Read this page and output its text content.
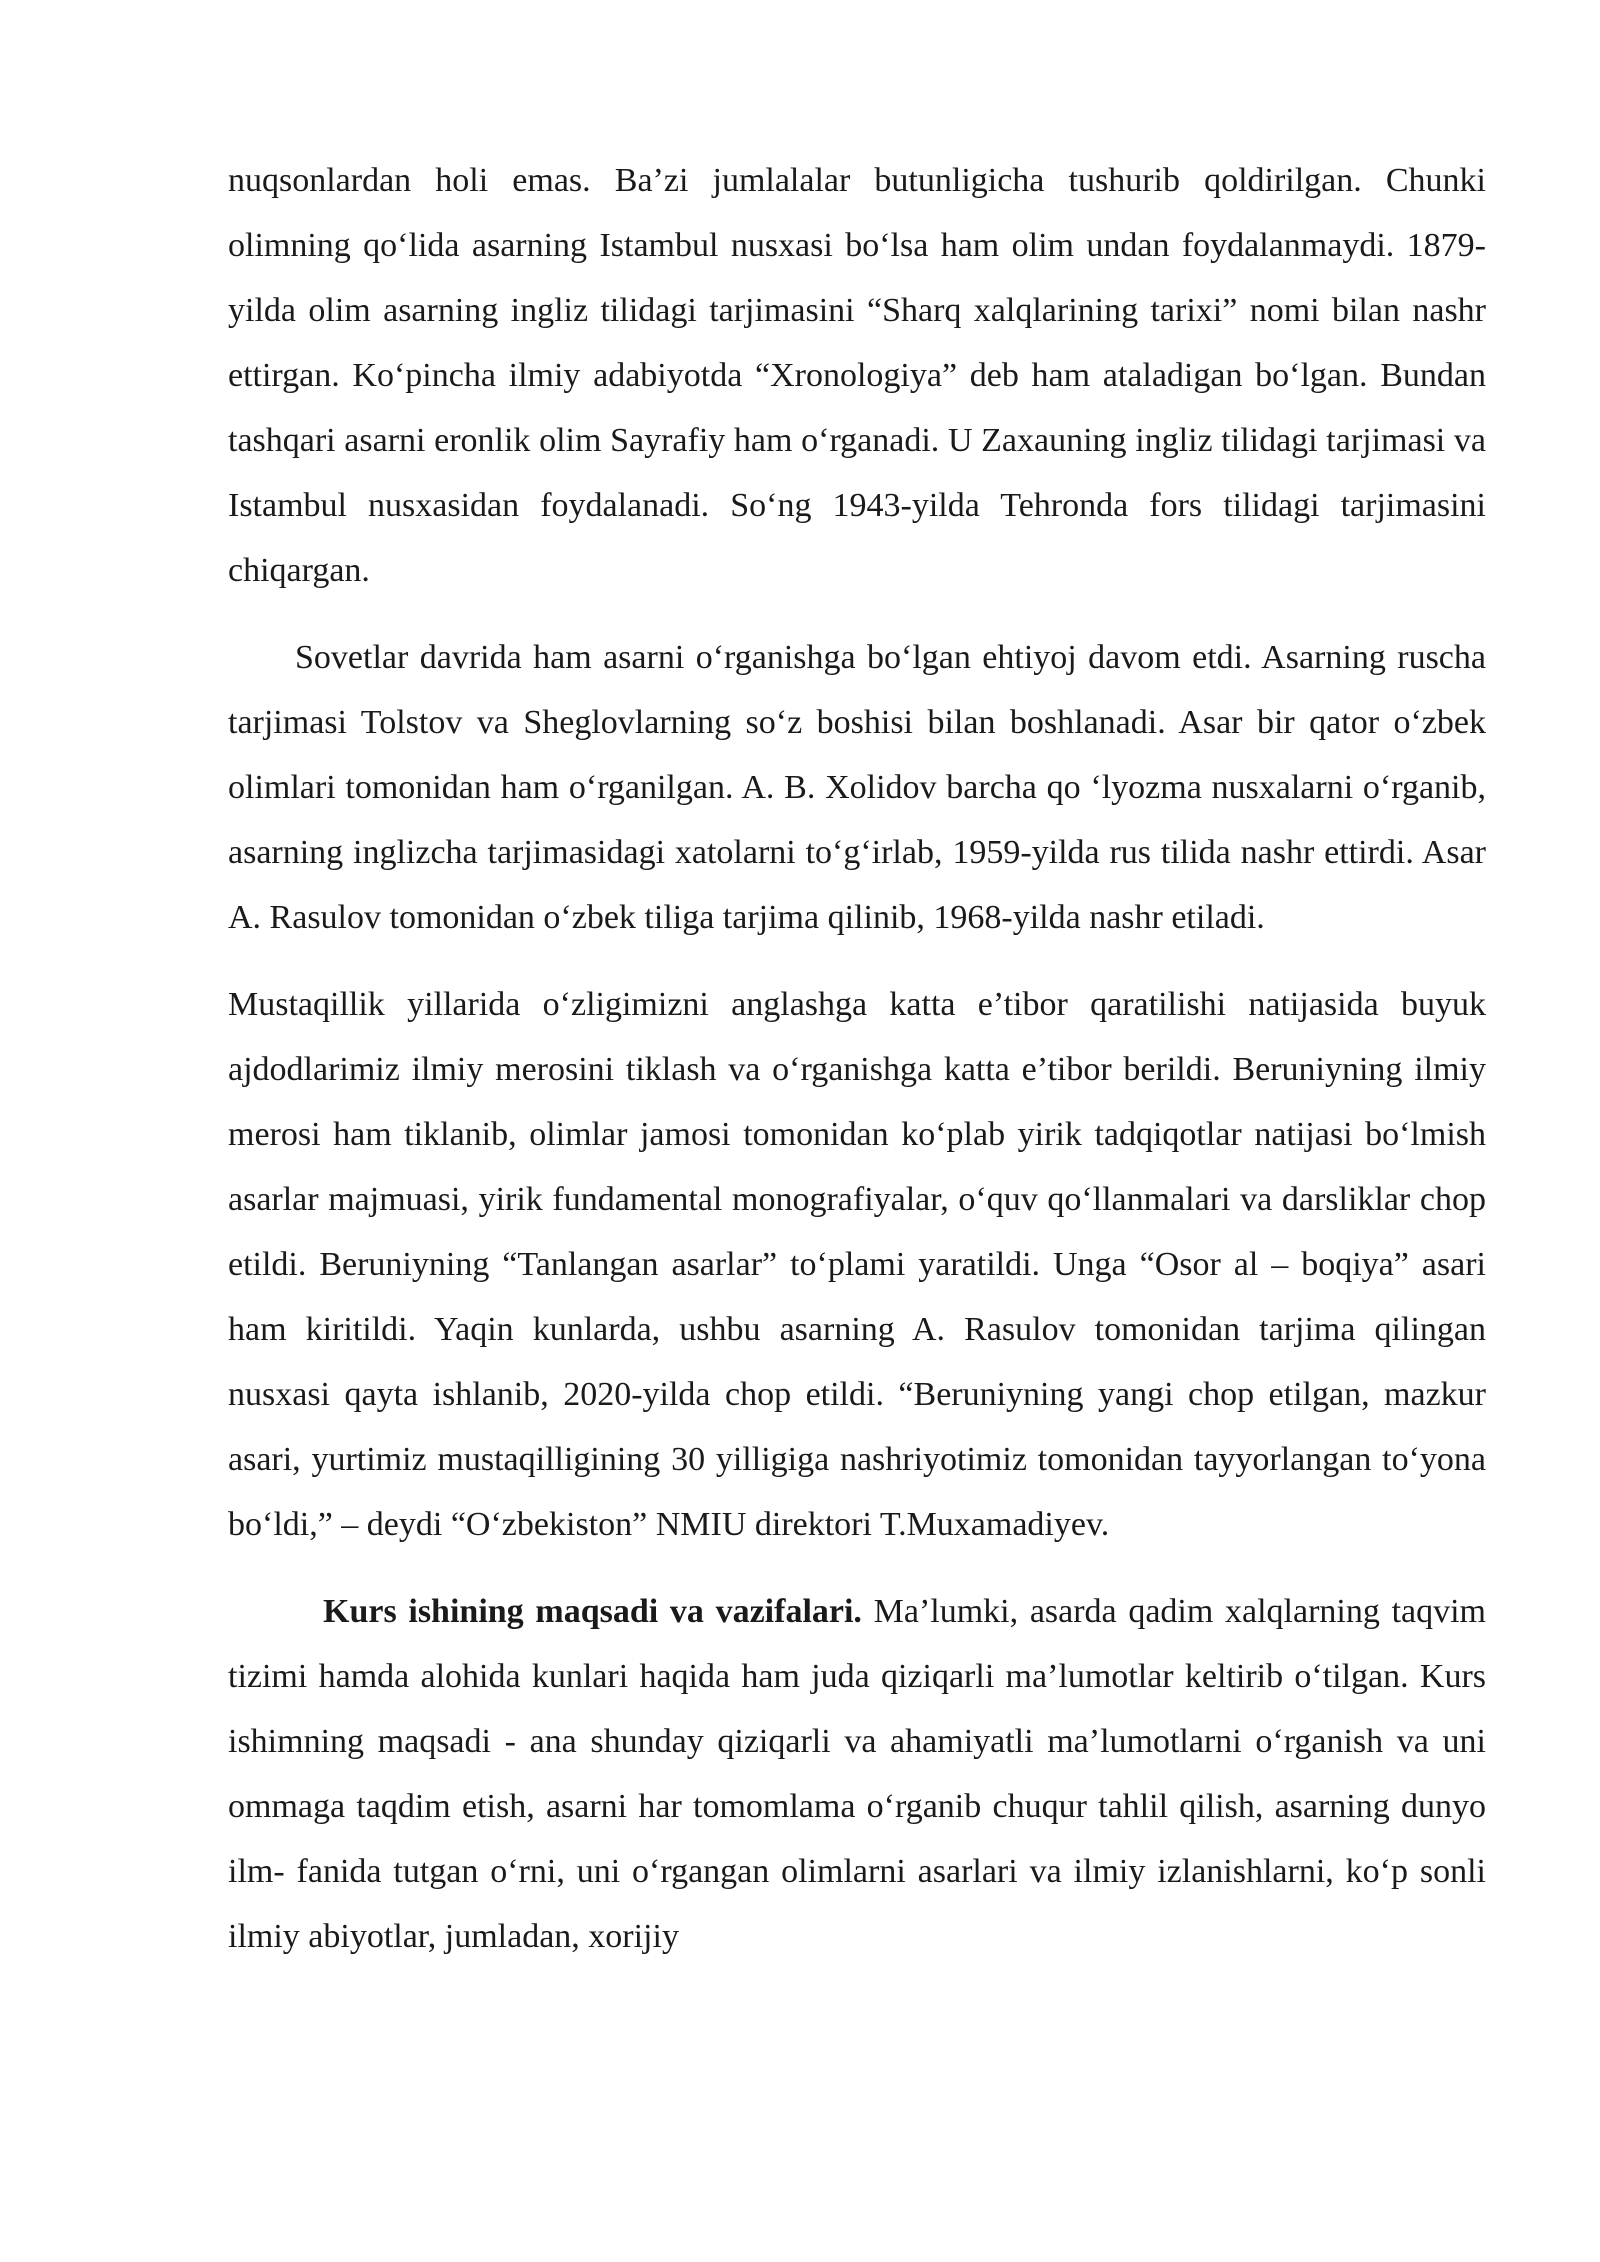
nuqsonlardan holi emas. Ba’zi jumlalalar butunligicha tushurib qoldirilgan. Chunki olimning qo‘lida asarning Istambul nusxasi bo‘lsa ham olim undan foydalanmaydi. 1879-yilda olim asarning ingliz tilidagi tarjimasini “Sharq xalqlarining tarixi” nomi bilan nashr ettirgan. Ko‘pincha ilmiy adabiyotda “Xronologiya” deb ham ataladigan bo‘lgan. Bundan tashqari asarni eronlik olim Sayrafiy ham o‘rganadi. U Zaxauning ingliz tilidagi tarjimasi va Istambul nusxasidan foydalanadi. So‘ng 1943-yilda Tehronda fors tilidagi tarjimasini chiqargan.

Sovetlar davrida ham asarni o‘rganishga bo‘lgan ehtiyoj davom etdi. Asarning ruscha tarjimasi Tolstov va Sheglovlarning so‘z boshisi bilan boshlanadi. Asar bir qator o‘zbek olimlari tomonidan ham o‘rganilgan. A. B. Xolidov barcha qo ‘lyozma nusxalarni o‘rganib, asarning inglizcha tarjimasidagi xatolarni to‘g‘irlab, 1959-yilda rus tilida nashr ettirdi. Asar A. Rasulov tomonidan o‘zbek tiliga tarjima qilinib, 1968-yilda nashr etiladi.

Mustaqillik yillarida o‘zligimizni anglashga katta e’tibor qaratilishi natijasida buyuk ajdodlarimiz ilmiy merosini tiklash va o‘rganishga katta e’tibor berildi. Beruniyning ilmiy merosi ham tiklanib, olimlar jamosi tomonidan ko‘plab yirik tadqiqotlar natijasi bo‘lmish asarlar majmuasi, yirik fundamental monografiyalar, o‘quv qo‘llanmalari va darsliklar chop etildi. Beruniyning “Tanlangan asarlar” to‘plami yaratildi. Unga “Osor al – boqiya” asari ham kiritildi. Yaqin kunlarda, ushbu asarning A. Rasulov tomonidan tarjima qilingan nusxasi qayta ishlanib, 2020-yilda chop etildi. “Beruniyning yangi chop etilgan, mazkur asari, yurtimiz mustaqilligining 30 yilligiga nashriyotimiz tomonidan tayyorlangan to‘yona bo‘ldi,” – deydi “O‘zbekiston” NMIU direktori T.Muxamadiyev.

Kurs ishining maqsadi va vazifalari. Ma’lumki, asarda qadim xalqlarning taqvim tizimi hamda alohida kunlari haqida ham juda qiziqarli ma’lumotlar keltirib o‘tilgan. Kurs ishimning maqsadi - ana shunday qiziqarli va ahamiyatli ma’lumotlarni o‘rganish va uni ommaga taqdim etish, asarni har tomomlama o‘rganib chuqur tahlil qilish, asarning dunyo ilm- fanida tutgan o‘rni, uni o‘rgangan olimlarni asarlari va ilmiy izlanishlarni, ko‘p sonli ilmiy abiyotlar, jumladan, xorijiy
